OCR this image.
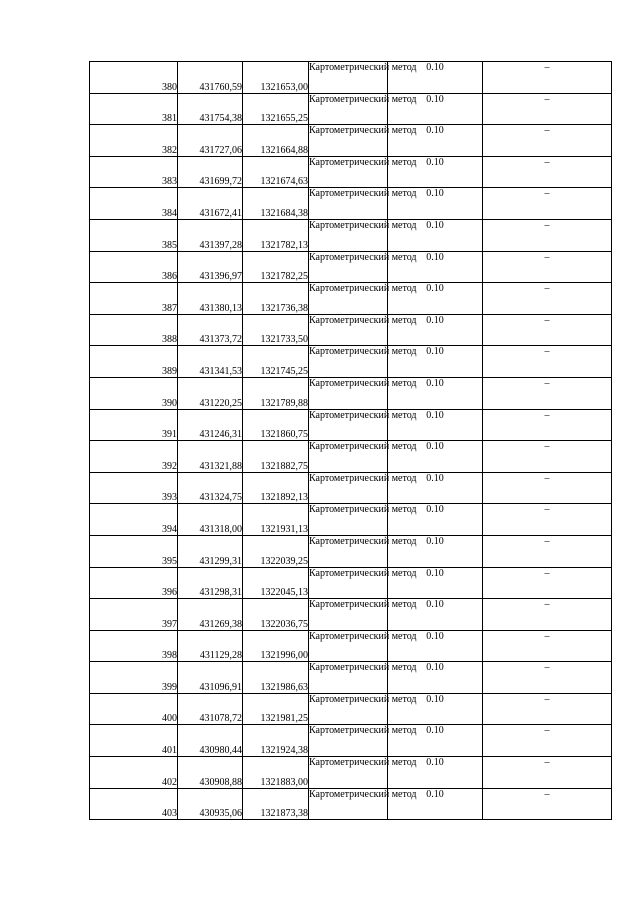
380	431760,59	1321653,00	Картометрический метод	0.10	–
381	431754,38	1321655,25	Картометрический метод	0.10	–
382	431727,06	1321664,88	Картометрический метод	0.10	–
383	431699,72	1321674,63	Картометрический метод	0.10	–
384	431672,41	1321684,38	Картометрический метод	0.10	–
385	431397,28	1321782,13	Картометрический метод	0.10	–
386	431396,97	1321782,25	Картометрический метод	0.10	–
387	431380,13	1321736,38	Картометрический метод	0.10	–
388	431373,72	1321733,50	Картометрический метод	0.10	–
389	431341,53	1321745,25	Картометрический метод	0.10	–
390	431220,25	1321789,88	Картометрический метод	0.10	–
391	431246,31	1321860,75	Картометрический метод	0.10	–
392	431321,88	1321882,75	Картометрический метод	0.10	–
393	431324,75	1321892,13	Картометрический метод	0.10	–
394	431318,00	1321931,13	Картометрический метод	0.10	–
395	431299,31	1322039,25	Картометрический метод	0.10	–
396	431298,31	1322045,13	Картометрический метод	0.10	–
397	431269,38	1322036,75	Картометрический метод	0.10	–
398	431129,28	1321996,00	Картометрический метод	0.10	–
399	431096,91	1321986,63	Картометрический метод	0.10	–
400	431078,72	1321981,25	Картометрический метод	0.10	–
401	430980,44	1321924,38	Картометрический метод	0.10	–
402	430908,88	1321883,00	Картометрический метод	0.10	–
403	430935,06	1321873,38	Картометрический метод	0.10	–
